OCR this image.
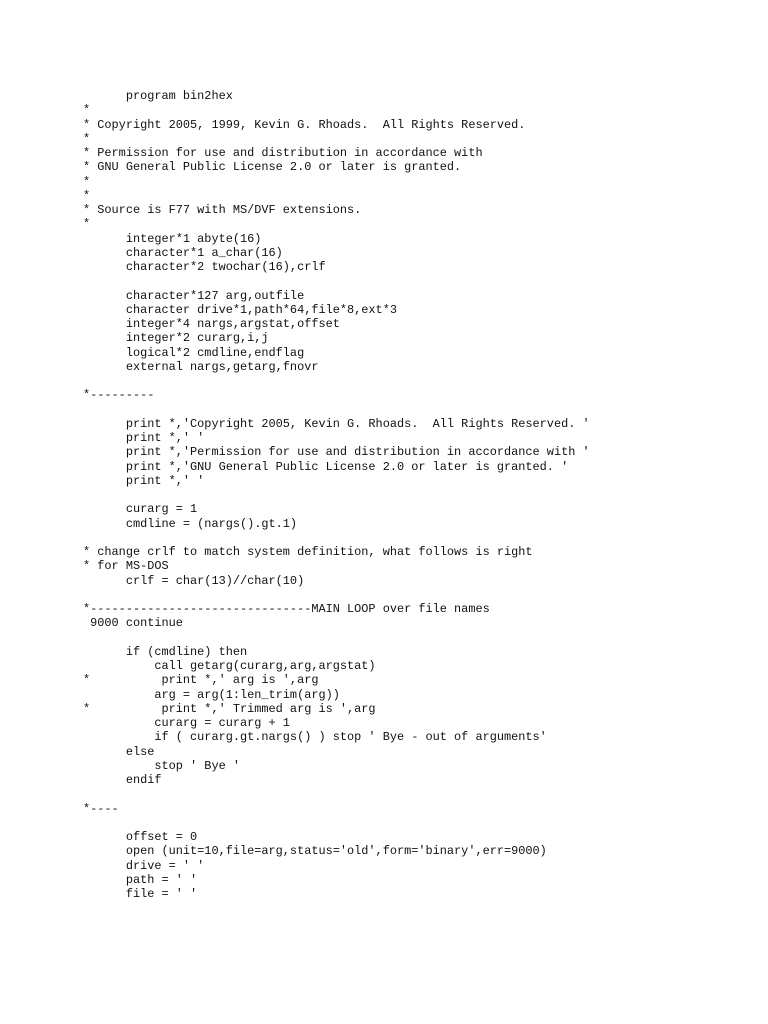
program bin2hex
*
* Copyright 2005, 1999, Kevin G. Rhoads.  All Rights Reserved.
*
* Permission for use and distribution in accordance with
* GNU General Public License 2.0 or later is granted.
*
*
* Source is F77 with MS/DVF extensions.
*
integer*1 abyte(16)
character*1 a_char(16)
character*2 twochar(16),crlf
character*127 arg,outfile
character drive*1,path*64,file*8,ext*3
integer*4 nargs,argstat,offset
integer*2 curarg,i,j
logical*2 cmdline,endflag
external nargs,getarg,fnovr
*---------
print *,'Copyright 2005, Kevin G. Rhoads.  All Rights Reserved. '
print *,' '
print *,'Permission for use and distribution in accordance with '
print *,'GNU General Public License 2.0 or later is granted. '
print *,' '
curarg = 1
cmdline = (nargs().gt.1)
* change crlf to match system definition, what follows is right
* for MS-DOS
crlf = char(13)//char(10)
*-------------------------------MAIN LOOP over file names
9000 continue
if (cmdline) then
call getarg(curarg,arg,argstat)
*          print *,' arg is ',arg
arg = arg(1:len_trim(arg))
*          print *,' Trimmed arg is ',arg
curarg = curarg + 1
if ( curarg.gt.nargs() ) stop ' Bye - out of arguments'
else
stop ' Bye '
endif
*----
offset = 0
open (unit=10,file=arg,status='old',form='binary',err=9000)
drive = ' '
path = ' '
file = ' '
